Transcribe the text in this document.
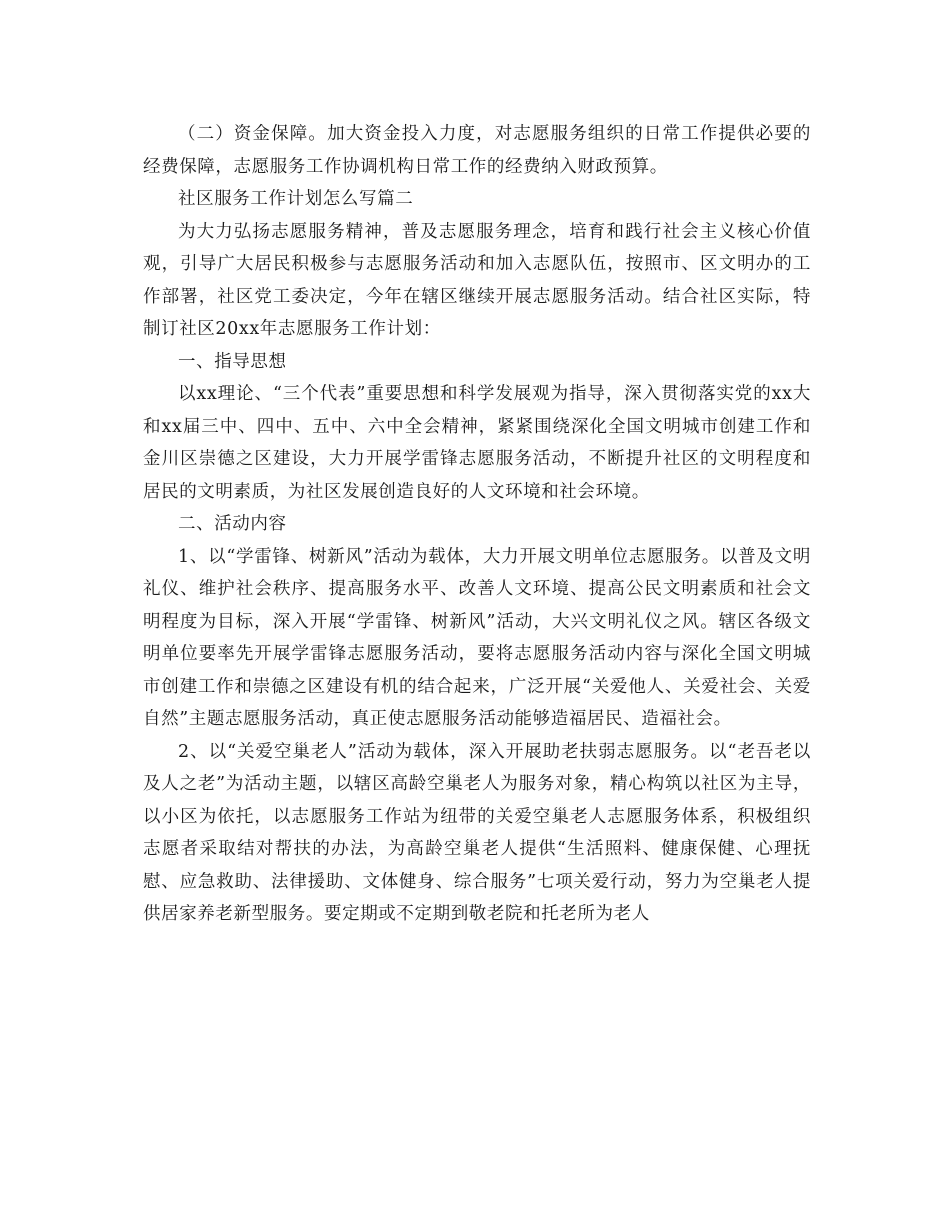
（二）资金保障。加大资金投入力度，对志愿服务组织的日常工作提供必要的经费保障，志愿服务工作协调机构日常工作的经费纳入财政预算。

社区服务工作计划怎么写篇二

为大力弘扬志愿服务精神，普及志愿服务理念，培育和践行社会主义核心价值观，引导广大居民积极参与志愿服务活动和加入志愿队伍，按照市、区文明办的工作部署，社区党工委决定，今年在辖区继续开展志愿服务活动。结合社区实际，特制订社区20xx年志愿服务工作计划：

一、指导思想

以xx理论、“三个代表”重要思想和科学发展观为指导，深入贯彻落实党的xx大和xx届三中、四中、五中、六中全会精神，紧紧围绕深化全国文明城市创建工作和金川区崇德之区建设，大力开展学雷锋志愿服务活动，不断提升社区的文明程度和居民的文明素质，为社区发展创造良好的人文环境和社会环境。

二、活动内容

1、以“学雷锋、树新风”活动为载体，大力开展文明单位志愿服务。以普及文明礼仪、维护社会秩序、提高服务水平、改善人文环境、提高公民文明素质和社会文明程度为目标，深入开展“学雷锋、树新风”活动，大兴文明礼仪之风。辖区各级文明单位要率先开展学雷锋志愿服务活动，要将志愿服务活动内容与深化全国文明城市创建工作和崇德之区建设有机的结合起来，广泛开展“关爱他人、关爱社会、关爱自然”主题志愿服务活动，真正使志愿服务活动能够造福居民、造福社会。

2、以“关爱空巢老人”活动为载体，深入开展助老扶弱志愿服务。以“老吾老以及人之老”为活动主题，以辖区高龄空巢老人为服务对象，精心构筑以社区为主导，以小区为依托，以志愿服务工作站为纽带的关爱空巢老人志愿服务体系，积极组织志愿者采取结对帮扶的办法，为高龄空巢老人提供“生活照料、健康保健、心理抚慰、应急救助、法律援助、文体健身、综合服务”七项关爱行动，努力为空巢老人提供居家养老新型服务。要定期或不定期到敬老院和托老所为老人
